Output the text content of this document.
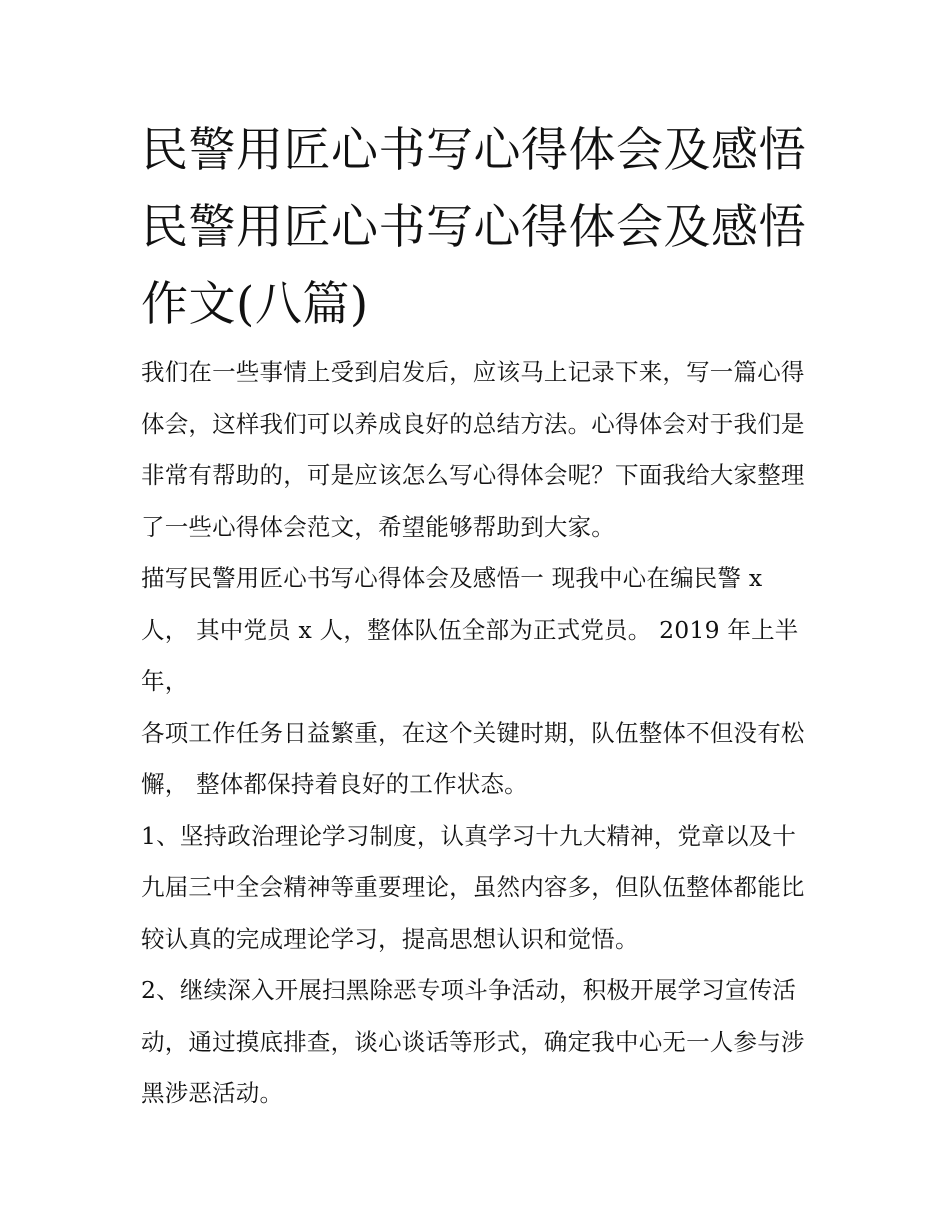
民警用匠心书写心得体会及感悟 民警用匠心书写心得体会及感悟作文(八篇)

我们在一些事情上受到启发后，应该马上记录下来，写一篇心得体会，这样我们可以养成良好的总结方法。心得体会对于我们是非常有帮助的，可是应该怎么写心得体会呢？下面我给大家整理了一些心得体会范文，希望能够帮助到大家。

描写民警用匠心书写心得体会及感悟一 现我中心在编民警 x 人， 其中党员 x 人，整体队伍全部为正式党员。 2019 年上半年，

各项工作任务日益繁重，在这个关键时期，队伍整体不但没有松懈， 整体都保持着良好的工作状态。

1、坚持政治理论学习制度，认真学习十九大精神，党章以及十九届三中全会精神等重要理论，虽然内容多，但队伍整体都能比较认真的完成理论学习，提高思想认识和觉悟。

2、继续深入开展扫黑除恶专项斗争活动，积极开展学习宣传活动，通过摸底排查，谈心谈话等形式，确定我中心无一人参与涉黑涉恶活动。
